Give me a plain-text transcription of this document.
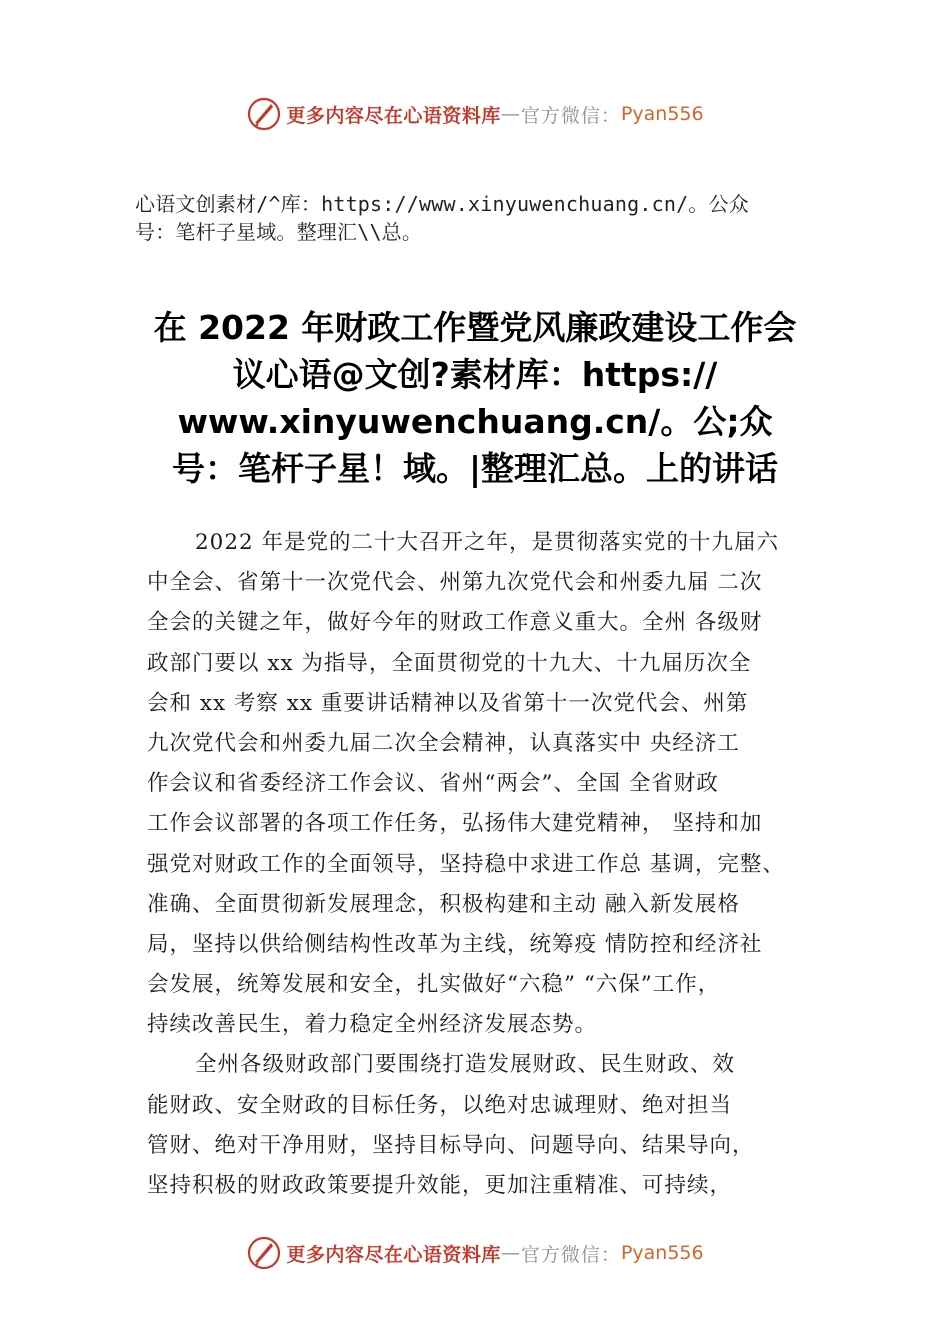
更多内容尽在心语资料库 — 官方微信： Pyan556
心语文创素材/^库：https://www.xinyuwenchuang.cn/。公众
号：笔杆子星域。整理汇\\总。
在 2022 年财政工作暨党风廉政建设工作会
议心语@文创?素材库：https://
www.xinyuwenchuang.cn/。公;众
号：笔杆子星！域。|整理汇总。上的讲话
2022 年是党的二十大召开之年，是贯彻落实党的十九届六
中全会、省第十一次党代会、州第九次党代会和州委九届 二次
全会的关键之年，做好今年的财政工作意义重大。全州 各级财
政部门要以 xx 为指导，全面贯彻党的十九大、十九届历次全
会和 xx 考察 xx 重要讲话精神以及省第十一次党代会、州第
九次党代会和州委九届二次全会精神，认真落实中 央经济工
作会议和省委经济工作会议、省州“两会”、全国 全省财政
工作会议部署的各项工作任务，弘扬伟大建党精神， 坚持和加
强党对财政工作的全面领导，坚持稳中求进工作总 基调，完整、
准确、全面贯彻新发展理念，积极构建和主动 融入新发展格
局，坚持以供给侧结构性改革为主线，统筹疫 情防控和经济社
会发展，统筹发展和安全，扎实做好“六稳” “六保”工作，
持续改善民生，着力稳定全州经济发展态势。
全州各级财政部门要围绕打造发展财政、民生财政、效
能财政、安全财政的目标任务，以绝对忠诚理财、绝对担当
管财、绝对干净用财，坚持目标导向、问题导向、结果导向，
坚持积极的财政政策要提升效能，更加注重精准、可持续，
更多内容尽在心语资料库 — 官方微信： Pyan556
